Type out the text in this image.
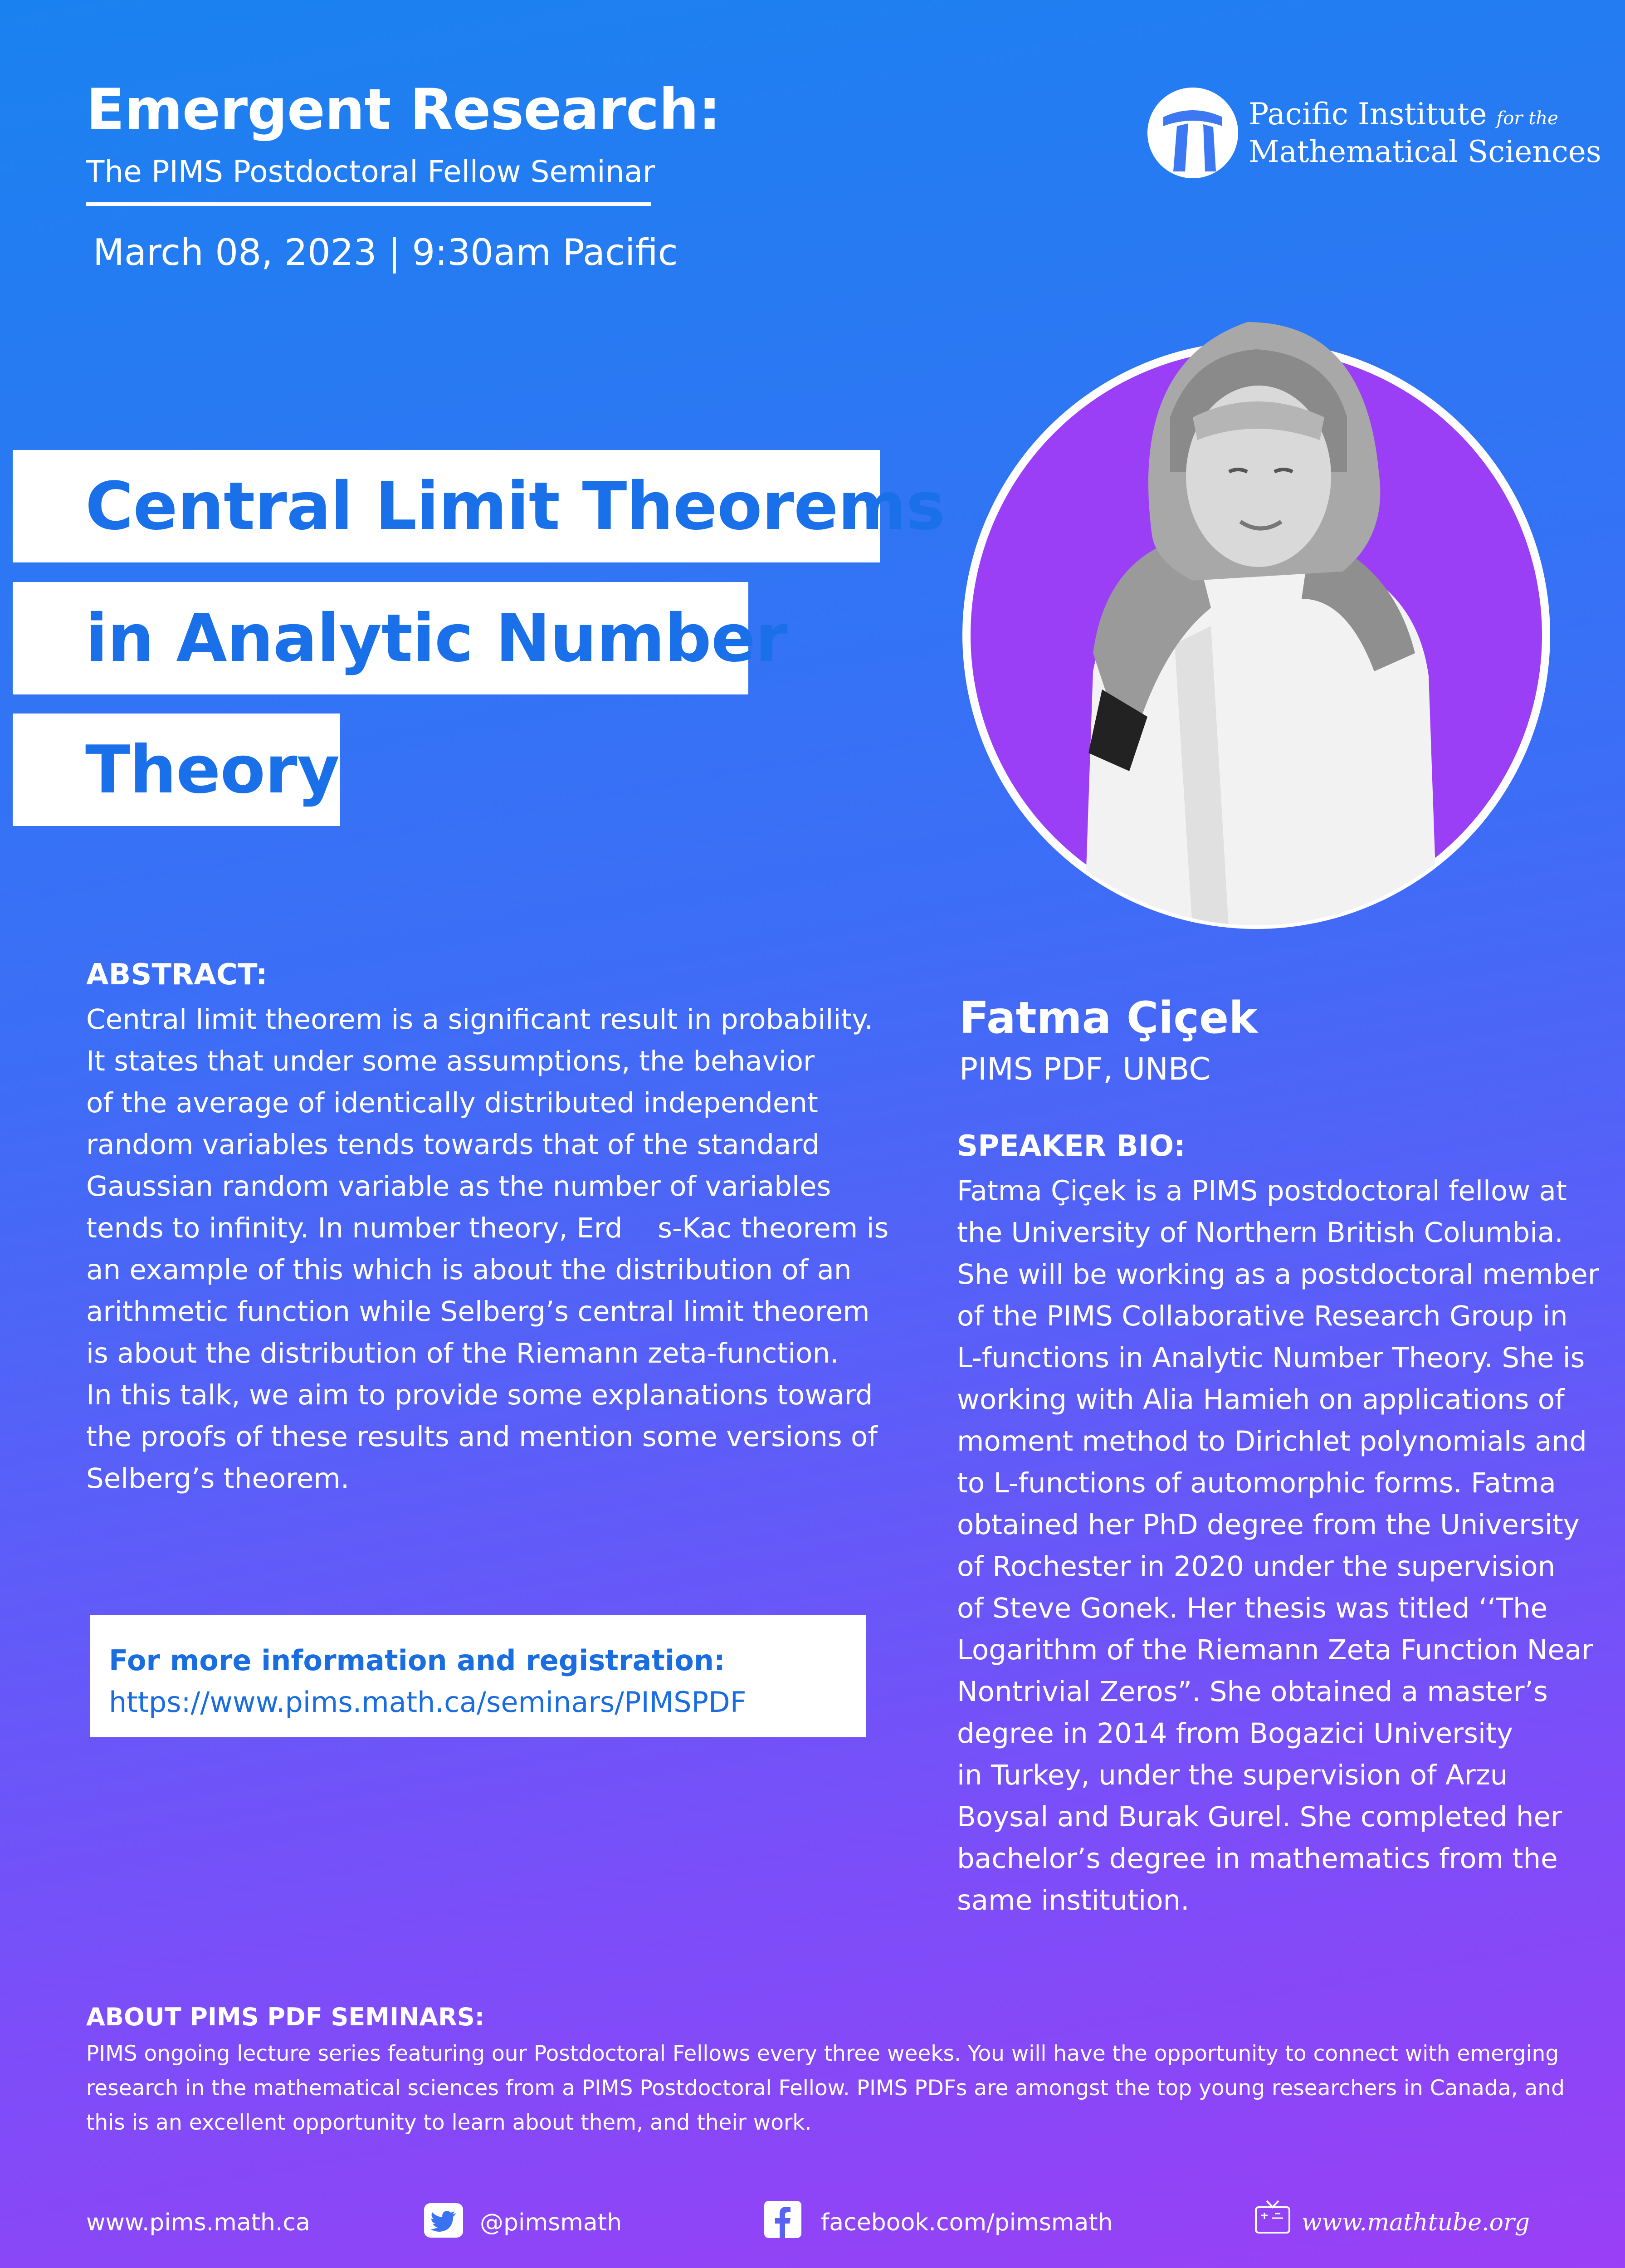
Emergent Research:
The PIMS Postdoctoral Fellow Seminar
March 08, 2023 | 9:30am Pacific
Pacific Institute for the
Mathematical Sciences
Central Limit Theorems
in Analytic Number
Theory
Fatma Çiçek
PIMS PDF, UNBC
ABSTRACT:
Central limit theorem is a significant result in probability.
It states that under some assumptions, the behavior
of the average of identically distributed independent
random variables tends towards that of the standard
Gaussian random variable as the number of variables
tends to infinity. In number theory, Erd    s-Kac theorem is
an example of this which is about the distribution of an
arithmetic function while Selberg’s central limit theorem
is about the distribution of the Riemann zeta-function.
In this talk, we aim to provide some explanations toward
the proofs of these results and mention some versions of
Selberg’s theorem.
For more information and registration:
https://www.pims.math.ca/seminars/PIMSPDF
SPEAKER BIO:
Fatma Çiçek is a PIMS postdoctoral fellow at
the University of Northern British Columbia.
She will be working as a postdoctoral member
of the PIMS Collaborative Research Group in
L-functions in Analytic Number Theory. She is
working with Alia Hamieh on applications of
moment method to Dirichlet polynomials and
to L-functions of automorphic forms. Fatma
obtained her PhD degree from the University
of Rochester in 2020 under the supervision
of Steve Gonek. Her thesis was titled ‘‘The
Logarithm of the Riemann Zeta Function Near
Nontrivial Zeros”. She obtained a master’s
degree in 2014 from Bogazici University
in Turkey, under the supervision of Arzu
Boysal and Burak Gurel. She completed her
bachelor’s degree in mathematics from the
same institution.
ABOUT PIMS PDF SEMINARS:
PIMS ongoing lecture series featuring our Postdoctoral Fellows every three weeks. You will have the opportunity to connect with emerging
research in the mathematical sciences from a PIMS Postdoctoral Fellow. PIMS PDFs are amongst the top young researchers in Canada, and
this is an excellent opportunity to learn about them, and their work.
www.pims.math.ca	@pimsmath	facebook.com/pimsmath	www.mathtube.org
